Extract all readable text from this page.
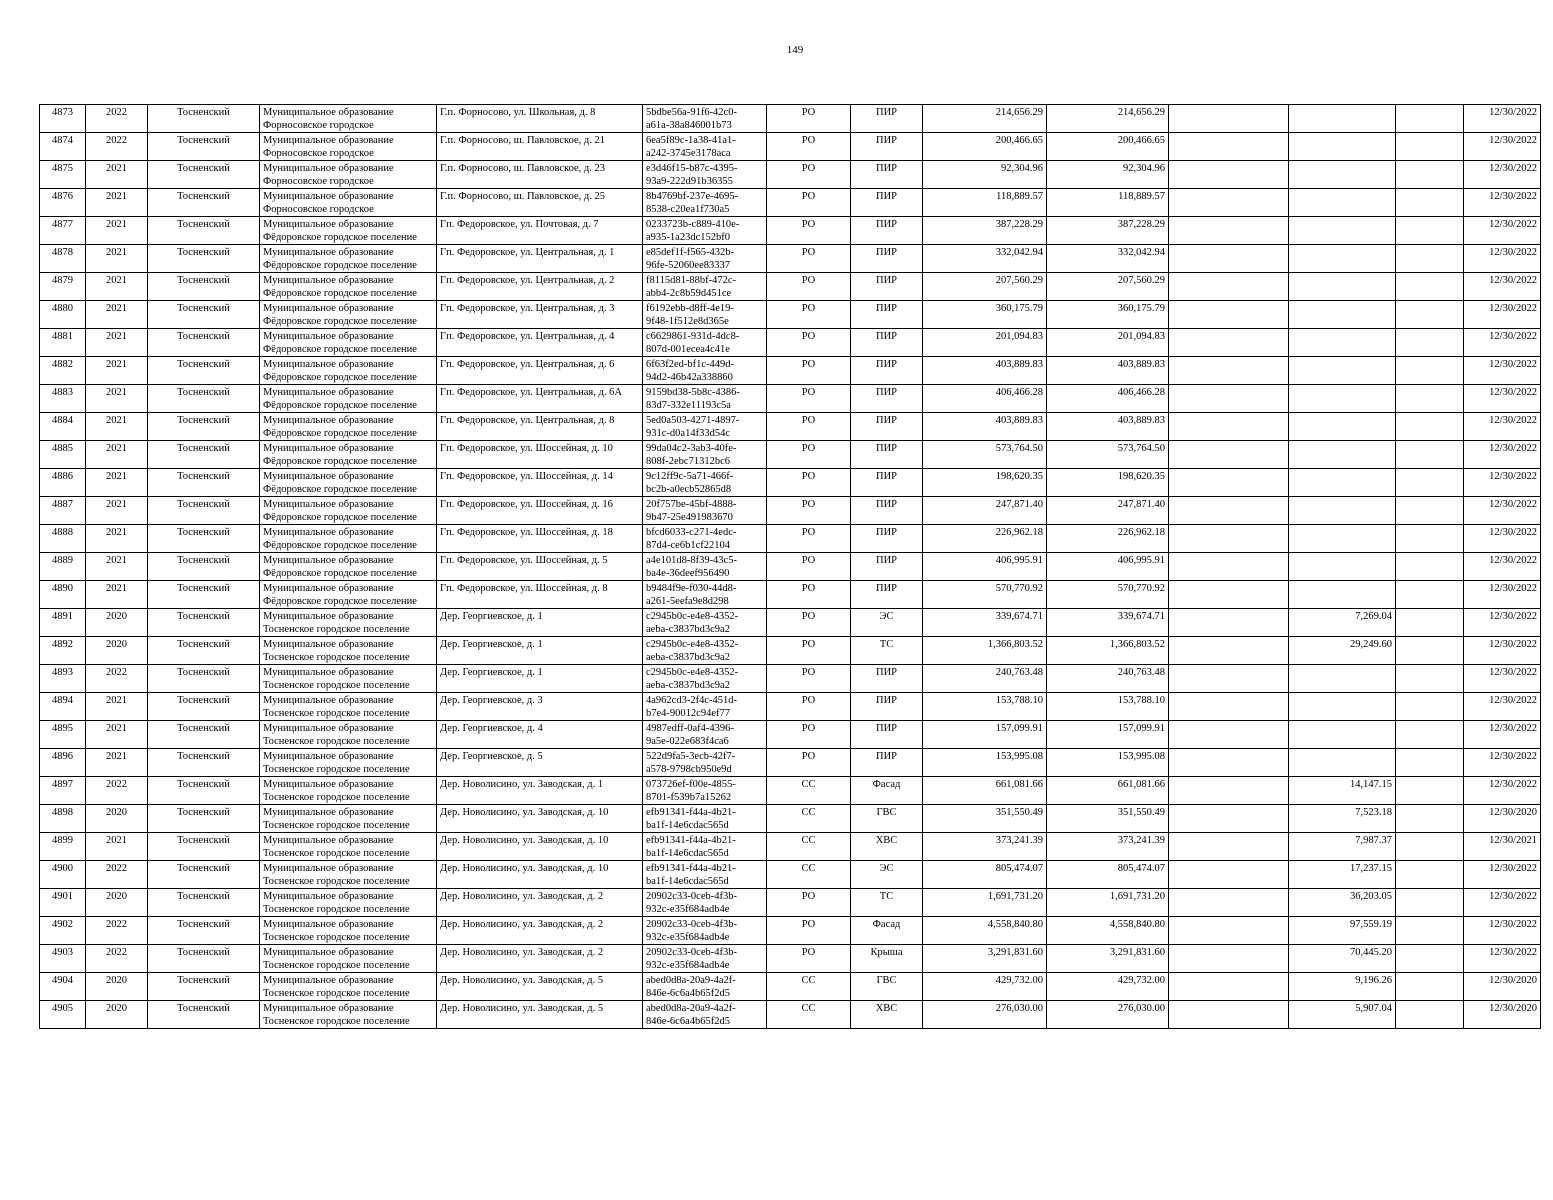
149
4873	2022	Тосненский	Муниципальное образование
Форносовское городское	Г.п. Форносово, ул. Школьная, д. 8	5bdbe56a-91f6-42c0-
a61a-38a846001b73	РО	ПИР	214,656.29	214,656.29				12/30/2022
4874	2022	Тосненский	Муниципальное образование
Форносовское городское	Г.п. Форносово, ш. Павловское, д. 21	6ea5f89c-1a38-41a1-
a242-3745e3178aca	РО	ПИР	200,466.65	200,466.65				12/30/2022
4875	2021	Тосненский	Муниципальное образование
Форносовское городское	Г.п. Форносово, ш. Павловское, д. 23	e3d46f15-b87c-4395-
93a9-222d91b36355	РО	ПИР	92,304.96	92,304.96				12/30/2022
4876	2021	Тосненский	Муниципальное образование
Форносовское городское	Г.п. Форносово, ш. Павловское, д. 25	8b4769bf-237e-4695-
8538-c20ea1f730a5	РО	ПИР	118,889.57	118,889.57				12/30/2022
4877	2021	Тосненский	Муниципальное образование
Фёдоровское городское поселение	Гп. Федоровское, ул. Почтовая, д. 7	0233723b-c889-410e-
a935-1a23dc152bf0	РО	ПИР	387,228.29	387,228.29				12/30/2022
4878	2021	Тосненский	Муниципальное образование
Фёдоровское городское поселение	Гп. Федоровское, ул. Центральная, д. 1	e85def1f-f565-432b-
96fe-52060ee83337	РО	ПИР	332,042.94	332,042.94				12/30/2022
4879	2021	Тосненский	Муниципальное образование
Фёдоровское городское поселение	Гп. Федоровское, ул. Центральная, д. 2	f8115d81-88bf-472c-
abb4-2c8b59d451ce	РО	ПИР	207,560.29	207,560.29				12/30/2022
4880	2021	Тосненский	Муниципальное образование
Фёдоровское городское поселение	Гп. Федоровское, ул. Центральная, д. 3	f6192ebb-d8ff-4e19-
9f48-1f512e8d365e	РО	ПИР	360,175.79	360,175.79				12/30/2022
4881	2021	Тосненский	Муниципальное образование
Фёдоровское городское поселение	Гп. Федоровское, ул. Центральная, д. 4	c6629861-931d-4dc8-
807d-001ecea4c41e	РО	ПИР	201,094.83	201,094.83				12/30/2022
4882	2021	Тосненский	Муниципальное образование
Фёдоровское городское поселение	Гп. Федоровское, ул. Центральная, д. 6	6f63f2ed-bf1c-449d-
94d2-46b42a338860	РО	ПИР	403,889.83	403,889.83				12/30/2022
4883	2021	Тосненский	Муниципальное образование
Фёдоровское городское поселение	Гп. Федоровское, ул. Центральная, д. 6А	9159bd38-5b8c-4386-
83d7-332e11193c5a	РО	ПИР	406,466.28	406,466.28				12/30/2022
4884	2021	Тосненский	Муниципальное образование
Фёдоровское городское поселение	Гп. Федоровское, ул. Центральная, д. 8	5ed0a503-4271-4897-
931c-d0a14f33d54c	РО	ПИР	403,889.83	403,889.83				12/30/2022
4885	2021	Тосненский	Муниципальное образование
Фёдоровское городское поселение	Гп. Федоровское, ул. Шоссейная, д. 10	99da04c2-3ab3-40fe-
808f-2ebc71312bc6	РО	ПИР	573,764.50	573,764.50				12/30/2022
4886	2021	Тосненский	Муниципальное образование
Фёдоровское городское поселение	Гп. Федоровское, ул. Шоссейная, д. 14	9c12ff9c-5a71-466f-
bc2b-a0ecb52865d8	РО	ПИР	198,620.35	198,620.35				12/30/2022
4887	2021	Тосненский	Муниципальное образование
Фёдоровское городское поселение	Гп. Федоровское, ул. Шоссейная, д. 16	20f757be-45bf-4888-
9b47-25e491983670	РО	ПИР	247,871.40	247,871.40				12/30/2022
4888	2021	Тосненский	Муниципальное образование
Фёдоровское городское поселение	Гп. Федоровское, ул. Шоссейная, д. 18	bfcd6033-c271-4edc-
87d4-ce6b1cf22104	РО	ПИР	226,962.18	226,962.18				12/30/2022
4889	2021	Тосненский	Муниципальное образование
Фёдоровское городское поселение	Гп. Федоровское, ул. Шоссейная, д. 5	a4e101d8-8f39-43c5-
ba4e-36deef956490	РО	ПИР	406,995.91	406,995.91				12/30/2022
4890	2021	Тосненский	Муниципальное образование
Фёдоровское городское поселение	Гп. Федоровское, ул. Шоссейная, д. 8	b9484f9e-f030-44d8-
a261-5eefa9e8d298	РО	ПИР	570,770.92	570,770.92				12/30/2022
4891	2020	Тосненский	Муниципальное образование
Тосненское городское поселение	Дер. Георгиевское, д. 1	c2945b0c-e4e8-4352-
aeba-c3837bd3c9a2	РО	ЭС	339,674.71	339,674.71		7,269.04		12/30/2022
4892	2020	Тосненский	Муниципальное образование
Тосненское городское поселение	Дер. Георгиевское, д. 1	c2945b0c-e4e8-4352-
aeba-c3837bd3c9a2	РО	ТС	1,366,803.52	1,366,803.52		29,249.60		12/30/2022
4893	2022	Тосненский	Муниципальное образование
Тосненское городское поселение	Дер. Георгиевское, д. 1	c2945b0c-e4e8-4352-
aeba-c3837bd3c9a2	РО	ПИР	240,763.48	240,763.48				12/30/2022
4894	2021	Тосненский	Муниципальное образование
Тосненское городское поселение	Дер. Георгиевское, д. 3	4a962cd3-2f4c-451d-
b7e4-90012c94ef77	РО	ПИР	153,788.10	153,788.10				12/30/2022
4895	2021	Тосненский	Муниципальное образование
Тосненское городское поселение	Дер. Георгиевское, д. 4	4987edff-0af4-4396-
9a5e-022e683f4ca6	РО	ПИР	157,099.91	157,099.91				12/30/2022
4896	2021	Тосненский	Муниципальное образование
Тосненское городское поселение	Дер. Георгиевское, д. 5	522d9fa5-3ecb-42f7-
a578-9798cb950e9d	РО	ПИР	153,995.08	153,995.08				12/30/2022
4897	2022	Тосненский	Муниципальное образование
Тосненское городское поселение	Дер. Новолисино, ул. Заводская, д. 1	073726ef-f00e-4855-
8701-f539b7a15262	СС	Фасад	661,081.66	661,081.66		14,147.15		12/30/2022
4898	2020	Тосненский	Муниципальное образование
Тосненское городское поселение	Дер. Новолисино, ул. Заводская, д. 10	efb91341-f44a-4b21-
ba1f-14e6cdac565d	СС	ГВС	351,550.49	351,550.49		7,523.18		12/30/2020
4899	2021	Тосненский	Муниципальное образование
Тосненское городское поселение	Дер. Новолисино, ул. Заводская, д. 10	efb91341-f44a-4b21-
ba1f-14e6cdac565d	СС	ХВС	373,241.39	373,241.39		7,987.37		12/30/2021
4900	2022	Тосненский	Муниципальное образование
Тосненское городское поселение	Дер. Новолисино, ул. Заводская, д. 10	efb91341-f44a-4b21-
ba1f-14e6cdac565d	СС	ЭС	805,474.07	805,474.07		17,237.15		12/30/2022
4901	2020	Тосненский	Муниципальное образование
Тосненское городское поселение	Дер. Новолисино, ул. Заводская, д. 2	20902c33-0ceb-4f3b-
932c-e35f684adb4e	РО	ТС	1,691,731.20	1,691,731.20		36,203.05		12/30/2022
4902	2022	Тосненский	Муниципальное образование
Тосненское городское поселение	Дер. Новолисино, ул. Заводская, д. 2	20902c33-0ceb-4f3b-
932c-e35f684adb4e	РО	Фасад	4,558,840.80	4,558,840.80		97,559.19		12/30/2022
4903	2022	Тосненский	Муниципальное образование
Тосненское городское поселение	Дер. Новолисино, ул. Заводская, д. 2	20902c33-0ceb-4f3b-
932c-e35f684adb4e	РО	Крыша	3,291,831.60	3,291,831.60		70,445.20		12/30/2022
4904	2020	Тосненский	Муниципальное образование
Тосненское городское поселение	Дер. Новолисино, ул. Заводская, д. 5	abed0d8a-20a9-4a2f-
846e-6c6a4b65f2d5	СС	ГВС	429,732.00	429,732.00		9,196.26		12/30/2020
4905	2020	Тосненский	Муниципальное образование
Тосненское городское поселение	Дер. Новолисино, ул. Заводская, д. 5	abed0d8a-20a9-4a2f-
846e-6c6a4b65f2d5	СС	ХВС	276,030.00	276,030.00		5,907.04		12/30/2020
